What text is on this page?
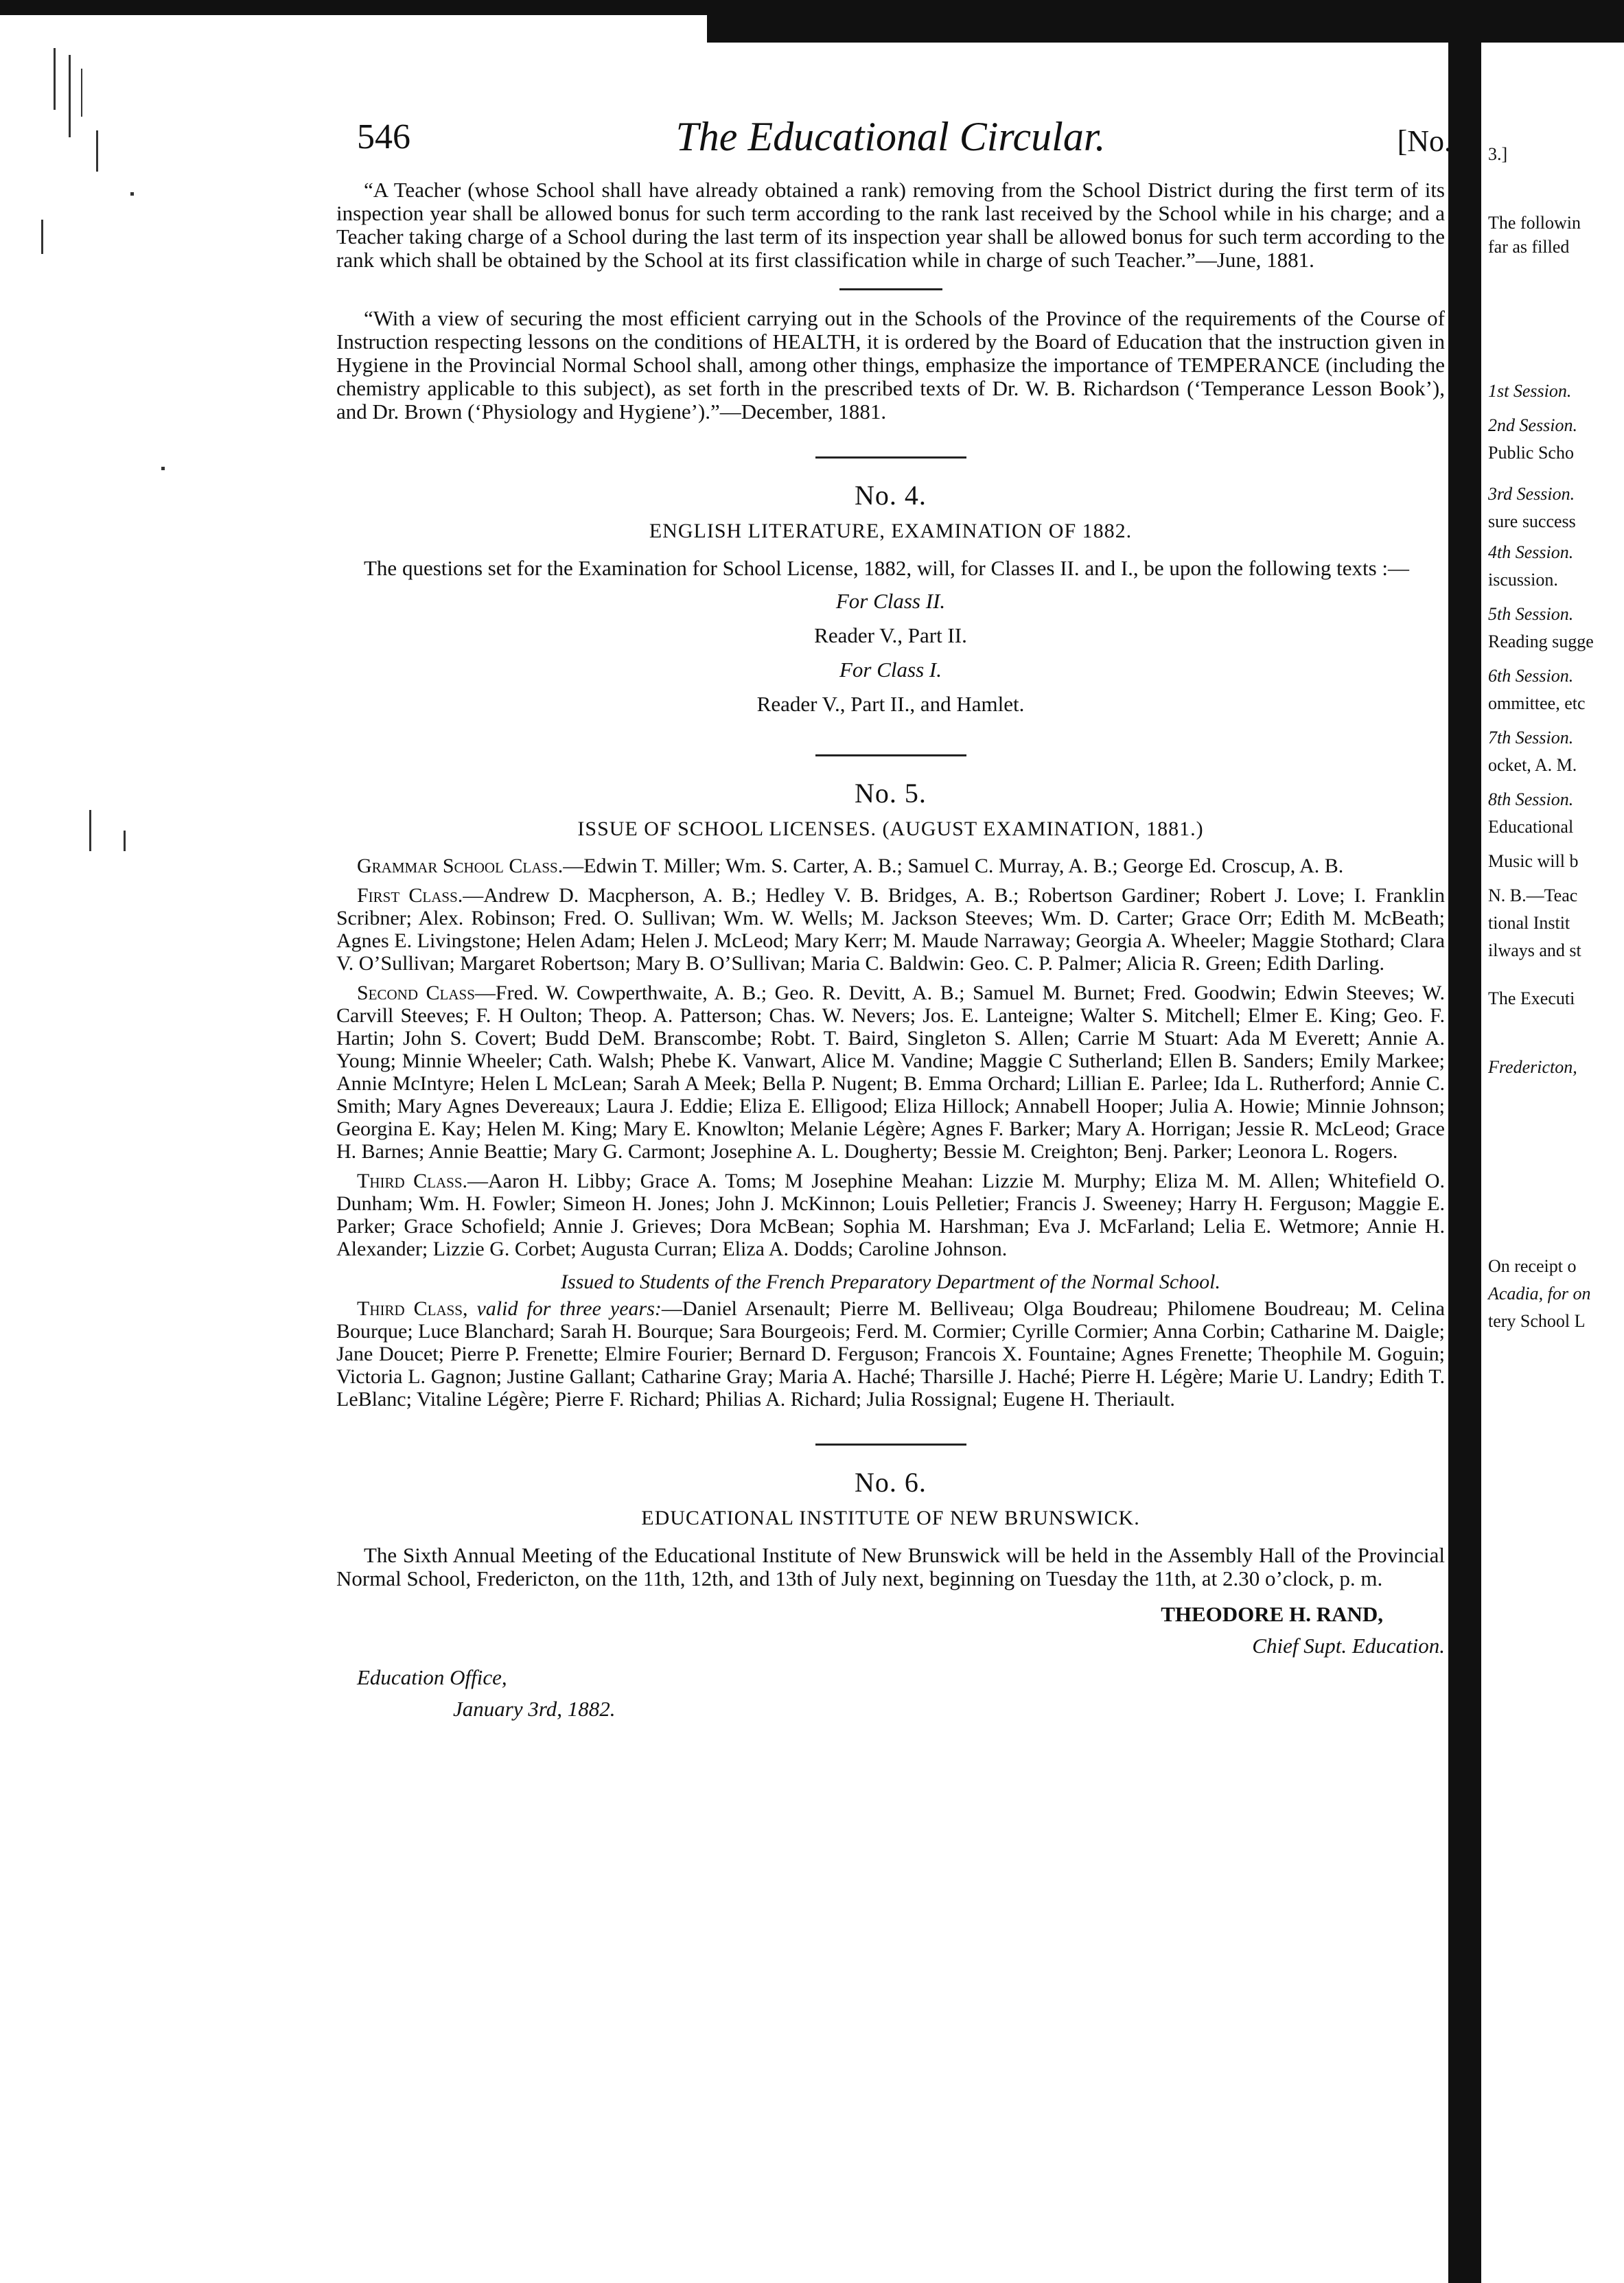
546	The Educational Circular.	[No.

“A Teacher (whose School shall have already obtained a rank) removing from the School District during the first term of its inspection year shall be allowed bonus for such term according to the rank last received by the School while in his charge; and a Teacher taking charge of a School during the last term of its inspection year shall be allowed bonus for such term according to the rank which shall be obtained by the School at its first classification while in charge of such Teacher.”—June, 1881.

“With a view of securing the most efficient carrying out in the Schools of the Province of the requirements of the Course of Instruction respecting lessons on the conditions of HEALTH, it is ordered by the Board of Education that the instruction given in Hygiene in the Provincial Normal School shall, among other things, emphasize the importance of TEMPERANCE (including the chemistry applicable to this subject), as set forth in the prescribed texts of Dr. W. B. Richardson (‘Temperance Lesson Book’), and Dr. Brown (‘Physiology and Hygiene’).”—December, 1881.

No. 4.
ENGLISH LITERATURE, EXAMINATION OF 1882.

The questions set for the Examination for School License, 1882, will, for Classes II. and I., be upon the following texts :—

For Class II.
Reader V., Part II.
For Class I.
Reader V., Part II., and Hamlet.
No. 5.
ISSUE OF SCHOOL LICENSES. (AUGUST EXAMINATION, 1881.)

Grammar School Class.—Edwin T. Miller; Wm. S. Carter, A. B.; Samuel C. Murray, A. B.; George Ed. Croscup, A. B.

First Class.—Andrew D. Macpherson, A. B.; Hedley V. B. Bridges, A. B.; Robertson Gardiner; Robert J. Love; I. Franklin Scribner; Alex. Robinson; Fred. O. Sullivan; Wm. W. Wells; M. Jackson Steeves; Wm. D. Carter; Grace Orr; Edith M. McBeath; Agnes E. Livingstone; Helen Adam; Helen J. McLeod; Mary Kerr; M. Maude Narraway; Georgia A. Wheeler; Maggie Stothard; Clara V. O’Sullivan; Margaret Robertson; Mary B. O’Sullivan; Maria C. Baldwin: Geo. C. P. Palmer; Alicia R. Green; Edith Darling.

Second Class—Fred. W. Cowperthwaite, A. B.; Geo. R. Devitt, A. B.; Samuel M. Burnet; Fred. Goodwin; Edwin Steeves; W. Carvill Steeves; F. H Oulton; Theop. A. Patterson; Chas. W. Nevers; Jos. E. Lanteigne; Walter S. Mitchell; Elmer E. King; Geo. F. Hartin; John S. Covert; Budd DeM. Branscombe; Robt. T. Baird, Singleton S. Allen; Carrie M Stuart: Ada M Everett; Annie A. Young; Minnie Wheeler; Cath. Walsh; Phebe K. Vanwart, Alice M. Vandine; Maggie C Sutherland; Ellen B. Sanders; Emily Markee; Annie McIntyre; Helen L McLean; Sarah A Meek; Bella P. Nugent; B. Emma Orchard; Lillian E. Parlee; Ida L. Rutherford; Annie C. Smith; Mary Agnes Devereaux; Laura J. Eddie; Eliza E. Elligood; Eliza Hillock; Annabell Hooper; Julia A. Howie; Minnie Johnson; Georgina E. Kay; Helen M. King; Mary E. Knowlton; Melanie Légère; Agnes F. Barker; Mary A. Horrigan; Jessie R. McLeod; Grace H. Barnes; Annie Beattie; Mary G. Carmont; Josephine A. L. Dougherty; Bessie M. Creighton; Benj. Parker; Leonora L. Rogers.

Third Class.—Aaron H. Libby; Grace A. Toms; M Josephine Meahan: Lizzie M. Murphy; Eliza M. M. Allen; Whitefield O. Dunham; Wm. H. Fowler; Simeon H. Jones; John J. McKinnon; Louis Pelletier; Francis J. Sweeney; Harry H. Ferguson; Maggie E. Parker; Grace Schofield; Annie J. Grieves; Dora McBean; Sophia M. Harshman; Eva J. McFarland; Lelia E. Wetmore; Annie H. Alexander; Lizzie G. Corbet; Augusta Curran; Eliza A. Dodds; Caroline Johnson.

Issued to Students of the French Preparatory Department of the Normal School.

Third Class, valid for three years:—Daniel Arsenault; Pierre M. Belliveau; Olga Boudreau; Philomene Boudreau; M. Celina Bourque; Luce Blanchard; Sarah H. Bourque; Sara Bourgeois; Ferd. M. Cormier; Cyrille Cormier; Anna Corbin; Catharine M. Daigle; Jane Doucet; Pierre P. Frenette; Elmire Fourier; Bernard D. Ferguson; Francois X. Fountaine; Agnes Frenette; Theophile M. Goguin; Victoria L. Gagnon; Justine Gallant; Catharine Gray; Maria A. Haché; Tharsille J. Haché; Pierre H. Légère; Marie U. Landry; Edith T. LeBlanc; Vitaline Légère; Pierre F. Richard; Philias A. Richard; Julia Rossignal; Eugene H. Theriault.

No. 6.
EDUCATIONAL INSTITUTE OF NEW BRUNSWICK.

The Sixth Annual Meeting of the Educational Institute of New Brunswick will be held in the Assembly Hall of the Provincial Normal School, Fredericton, on the 11th, 12th, and 13th of July next, beginning on Tuesday the 11th, at 2.30 o’clock, p. m.

THEODORE H. RAND,
Chief Supt. Education.
Education Office,
January 3rd, 1882.
3.]
The followin
far as filled
1st Session.
2nd Session.
Public Scho
3rd Session.
sure success
4th Session.
iscussion.
5th Session.
Reading sugge
6th Session.
ommittee, etc
7th Session.
ocket, A. M.
8th Session.
Educational
Music will b
N. B.—Teac
tional Instit
ilways and st
The Executi
Fredericton,
On receipt o
Acadia, for on
tery School L
